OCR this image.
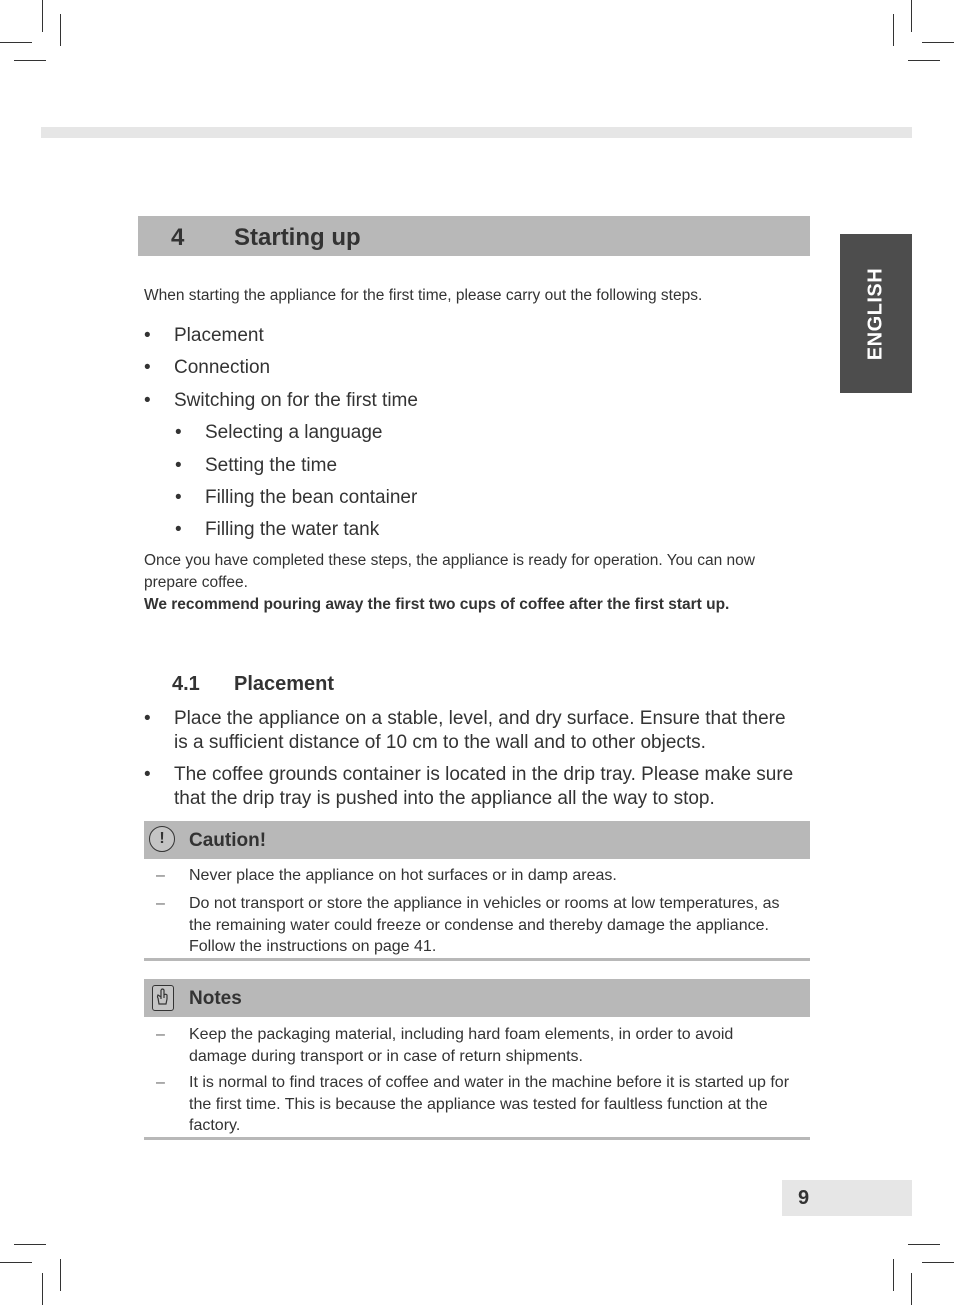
4 Starting up
ENGLISH
When starting the appliance for the first time, please carry out the following steps.
• Placement
• Connection
• Switching on for the first time
• Selecting a language
• Setting the time
• Filling the bean container
• Filling the water tank
Once you have completed these steps, the appliance is ready for operation. You can now prepare coffee.
We recommend pouring away the first two cups of coffee after the first start up.
4.1 Placement
• Place the appliance on a stable, level, and dry surface. Ensure that there is a sufficient distance of 10 cm to the wall and to other objects.
• The coffee grounds container is located in the drip tray. Please make sure that the drip tray is pushed into the appliance all the way to stop.
!	Caution!
– Never place the appliance on hot surfaces or in damp areas.
– Do not transport or store the appliance in vehicles or rooms at low temperatures, as the remaining water could freeze or condense and thereby damage the appliance. Follow the instructions on page 41.
Notes
– Keep the packaging material, including hard foam elements, in order to avoid damage during transport or in case of return shipments.
– It is normal to find traces of coffee and water in the machine before it is started up for the first time. This is because the appliance was tested for faultless function at the factory.
9
